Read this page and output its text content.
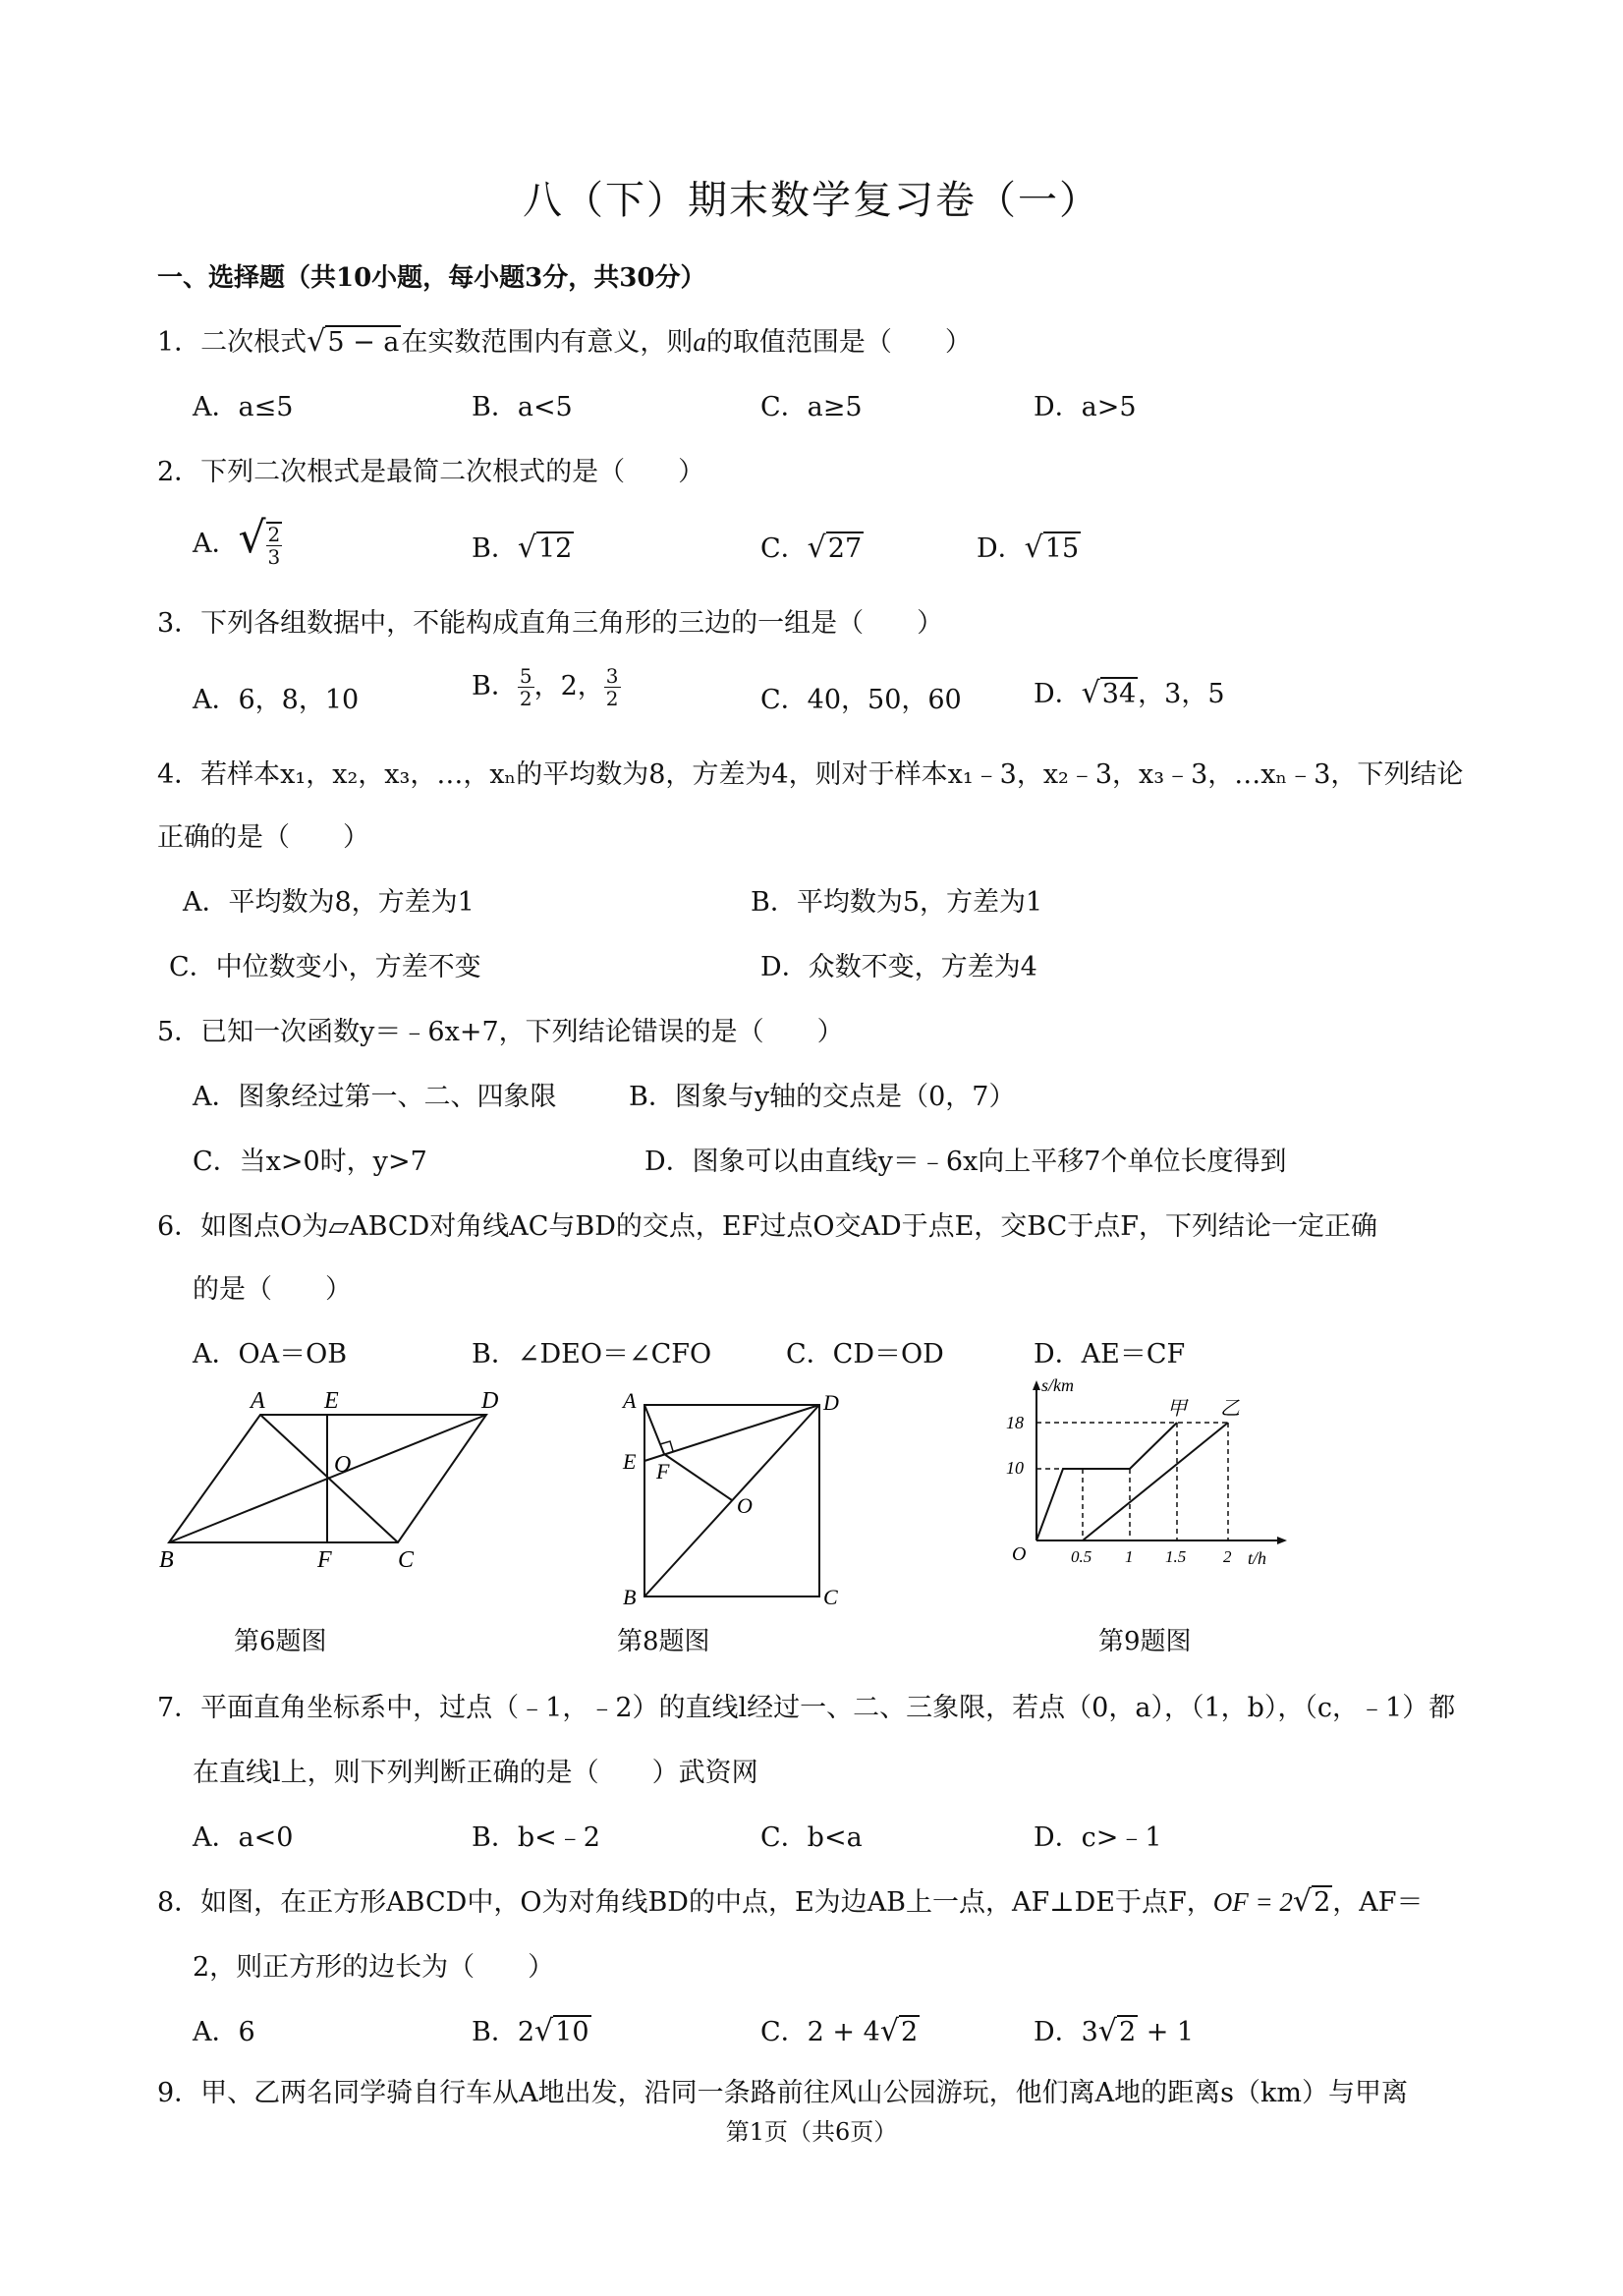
八（下）期末数学复习卷（一）
一、选择题（共10小题，每小题3分，共30分）
1．二次根式√5 − a在实数范围内有意义，则a的取值范围是（　　）
A．a≤5	B．a<5	C．a≥5	D．a>5
2．下列二次根式是最简二次根式的是（　　）
A．√ $\frac{2}{3}$	B．√12	C．√27	D．√15
3．下列各组数据中，不能构成直角三角形的三边的一组是（　　）
A．6，8，10	B． $\frac{5}{2}$ ，2， $\frac{3}{2}$	C．40，50，60	D．√34，3，5
4．若样本x₁，x₂，x₃，…，xₙ的平均数为8，方差为4，则对于样本x₁﹣3，x₂﹣3，x₃﹣3，…xₙ﹣3，下列结论
正确的是（　　）
A．平均数为8，方差为1	B．平均数为5，方差为1
C．中位数变小，方差不变	D．众数不变，方差为4
5．已知一次函数y＝﹣6x+7，下列结论错误的是（　　）
A．图象经过第一、二、四象限	B．图象与y轴的交点是（0，7）
C．当x>0时，y>7	D．图象可以由直线y＝﹣6x向上平移7个单位长度得到
6．如图点O为▱ABCD对角线AC与BD的交点，EF过点O交AD于点E，交BC于点F，下列结论一定正确
的是（　　）
A．OA＝OB	B．∠DEO＝∠CFO	C．CD＝OD	D．AE＝CF
A	E	D
O
B	F	C
第6题图
A	D
E F
O
B	C
第8题图
s/km
t/h
O
18
10
0.5 1 1.5 2
甲 乙
第9题图
7．平面直角坐标系中，过点（﹣1，﹣2）的直线l经过一、二、三象限，若点（0，a），（1，b），（c，﹣1）都
在直线l上，则下列判断正确的是（　　）武资网
A．a<0	B．b<﹣2	C．b<a	D．c>﹣1
8．如图，在正方形ABCD中，O为对角线BD的中点，E为边AB上一点，AF⊥DE于点F，OF = 2√2，AF＝
2，则正方形的边长为（　　）
A．6	B．2√10	C．2 + 4√2	D．3√2 + 1
9．甲、乙两名同学骑自行车从A地出发，沿同一条路前往风山公园游玩，他们离A地的距离s（km）与甲离
第1页（共6页）
